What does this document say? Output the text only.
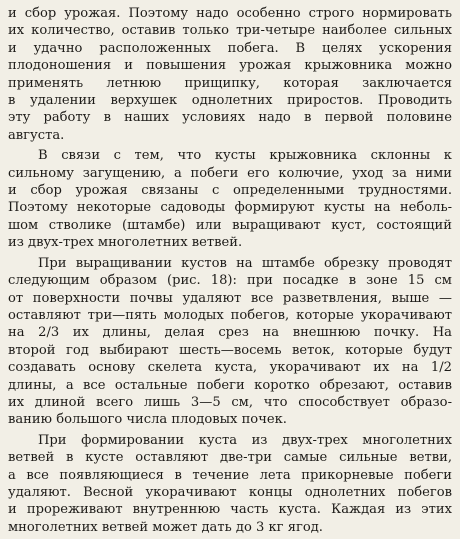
и сбор урожая. Поэтому надо особенно строго нормировать
их количество, оставив только три-четыре наиболее сильных
и удачно расположенных побега. В целях ускорения
плодоношения и повышения урожая крыжовника можно
применять летнюю прищипку, которая заключается
в удалении верхушек однолетних приростов. Проводить
эту работу в наших условиях надо в первой половине
августа.
В связи с тем, что кусты крыжовника склонны к
сильному загущению, а побеги его колючие, уход за ними
и сбор урожая связаны с определенными трудностями.
Поэтому некоторые садоводы формируют кусты на неболь-
шом стволике (штамбе) или выращивают куст, состоящий
из двух-трех многолетних ветвей.
При выращивании кустов на штамбе обрезку проводят
следующим образом (рис. 18): при посадке в зоне 15 см
от поверхности почвы удаляют все разветвления, выше —
оставляют три—пять молодых побегов, которые укорачивают
на 2/3 их длины, делая срез на внешнюю почку. На
второй год выбирают шесть—восемь веток, которые будут
создавать основу скелета куста, укорачивают их на 1/2
длины, а все остальные побеги коротко обрезают, оставив
их длиной всего лишь 3—5 см, что способствует образо-
ванию большого числа плодовых почек.
При формировании куста из двух-трех многолетних
ветвей в кусте оставляют две-три самые сильные ветви,
а все появляющиеся в течение лета прикорневые побеги
удаляют. Весной укорачивают концы однолетних побегов
и прореживают внутреннюю часть куста. Каждая из этих
многолетних ветвей может дать до 3 кг ягод.
